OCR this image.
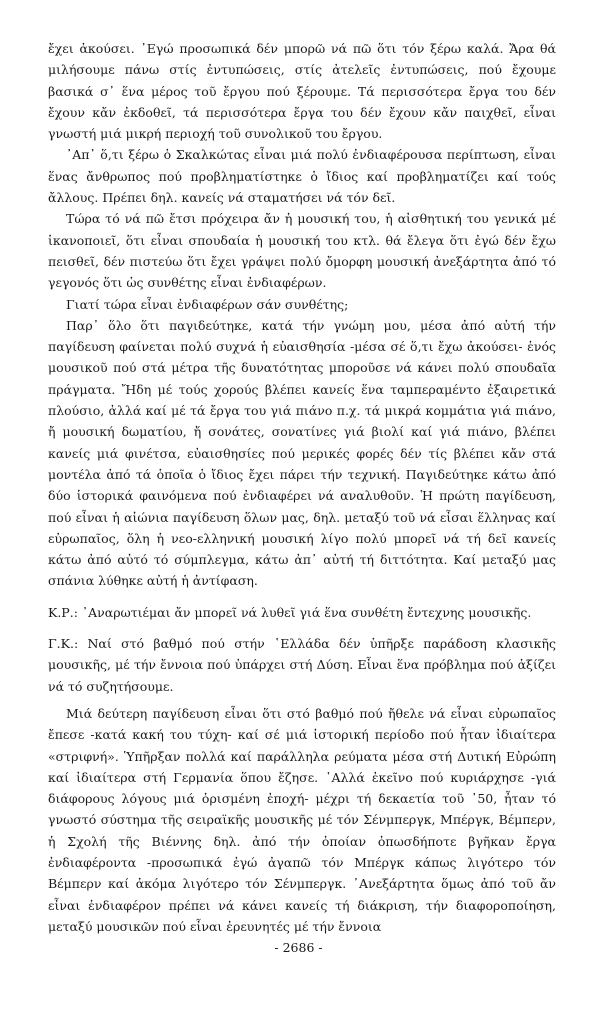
ἔχει ἀκούσει. ᾿Εγώ προσωπικά δέν μπορῶ νά πῶ ὅτι τόν ξέρω καλά. Ἄρα θά μιλήσουμε πάνω στίς ἐντυπώσεις, στίς ἀτελεῖς ἐντυπώσεις, πού ἔχουμε βασικά σ᾿ ἕνα μέρος τοῦ ἔργου πού ξέρουμε. Τά περισσότερα ἔργα του δέν ἔχουν κἄν ἐκδοθεῖ, τά περισσότερα ἔργα του δέν ἔχουν κἄν παιχθεῖ, εἶναι γνωστή μιά μικρή περιοχή τοῦ συνολικοῦ του ἔργου.

᾿Απ᾿ ὅ,τι ξέρω ὁ Σκαλκώτας εἶναι μιά πολύ ἐνδιαφέρουσα περίπτωση, εἶναι ἕνας ἄνθρωπος πού προβληματίστηκε ὁ ἴδιος καί προβληματίζει καί τούς ἄλλους. Πρέπει δηλ. κανείς νά σταματήσει νά τόν δεῖ.

Τώρα τό νά πῶ ἔτσι πρόχειρα ἄν ἡ μουσική του, ἡ αἰσθητική του γενικά μέ ἱκανοποιεῖ, ὅτι εἶναι σπουδαία ἡ μουσική του κτλ. θά ἔλεγα ὅτι ἐγώ δέν ἔχω πεισθεῖ, δέν πιστεύω ὅτι ἔχει γράψει πολύ ὄμορφη μουσική ἀνεξάρτητα ἀπό τό γεγονός ὅτι ὡς συνθέτης εἶναι ἐνδιαφέρων.

Γιατί τώρα εἶναι ἐνδιαφέρων σάν συνθέτης;

Παρ᾿ ὅλο ὅτι παγιδεύτηκε, κατά τήν γνώμη μου, μέσα ἀπό αὐτή τήν παγίδευση φαίνεται πολύ συχνά ἡ εὐαισθησία -μέσα σέ ὅ,τι ἔχω ἀκούσει- ἑνός μουσικοῦ πού στά μέτρα τῆς δυνατότητας μποροῦσε νά κάνει πολύ σπουδαῖα πράγματα. Ἤδη μέ τούς χορούς βλέπει κανείς ἕνα ταμπεραμέντο ἐξαιρετικά πλούσιο, ἀλλά καί μέ τά ἔργα του γιά πιάνο π.χ. τά μικρά κομμάτια γιά πιάνο, ἤ μουσική δωματίου, ἤ σονάτες, σονατίνες γιά βιολί καί γιά πιάνο, βλέπει κανείς μιά φινέτσα, εὐαισθησίες πού μερικές φορές δέν τίς βλέπει κἄν στά μοντέλα ἀπό τά ὁποῖα ὁ ἴδιος ἔχει πάρει τήν τεχνική. Παγιδεύτηκε κάτω ἀπό δύο ἱστορικά φαινόμενα πού ἐνδιαφέρει νά αναλυθοῦν. Ἡ πρώτη παγίδευση, πού εἶναι ἡ αἰώνια παγίδευση ὅλων μας, δηλ. μεταξύ τοῦ νά εἶσαι ἕλληνας καί εὐρωπαῖος, ὅλη ἡ νεο-ελληνική μουσική λίγο πολύ μπορεῖ νά τή δεῖ κανείς κάτω ἀπό αὐτό τό σύμπλεγμα, κάτω ἀπ᾿ αὐτή τή διττότητα. Καί μεταξύ μας σπάνια λύθηκε αὐτή ἡ ἀντίφαση.

Κ.Ρ.: ᾿Αναρωτιέμαι ἄν μπορεῖ νά λυθεῖ γιά ἕνα συνθέτη ἔντεχνης μουσικῆς.

Γ.Κ.: Ναί στό βαθμό πού στήν ῾Ελλάδα δέν ὑπῆρξε παράδοση κλασικῆς μουσικῆς, μέ τήν ἔννοια πού ὑπάρχει στή Δύση. Εἶναι ἕνα πρόβλημα πού ἀξίζει νά τό συζητήσουμε.

Μιά δεύτερη παγίδευση εἶναι ὅτι στό βαθμό πού ἤθελε νά εἶναι εὐρωπαῖος ἔπεσε -κατά κακή του τύχη- καί σέ μιά ἱστορική περίοδο πού ἦταν ἰδιαίτερα «στριφνή». Ὑπῆρξαν πολλά καί παράλληλα ρεύματα μέσα στή Δυτική Εὐρώπη καί ἰδιαίτερα στή Γερμανία ὅπου ἔζησε. ᾿Αλλά ἐκεῖνο πού κυριάρχησε -γιά διάφορους λόγους μιά ὁρισμένη ἐποχή- μέχρι τή δεκαετία τοῦ ᾿50, ἦταν τό γνωστό σύστημα τῆς σειραϊκῆς μουσικῆς μέ τόν Σένμπεργκ, Μπέργκ, Βέμπερν, ἡ Σχολή τῆς Βιέννης δηλ. ἀπό τήν ὁποίαν ὁπωσδήποτε βγῆκαν ἔργα ἐνδιαφέροντα -προσωπικά ἐγώ ἀγαπῶ τόν Μπέργκ κάπως λιγότερο τόν Βέμπερν καί ἀκόμα λιγότερο τόν Σένμπεργκ. ᾿Ανεξάρτητα ὅμως ἀπό τοῦ ἄν εἶναι ἐνδιαφέρον πρέπει νά κάνει κανείς τή διάκριση, τήν διαφοροποίηση, μεταξύ μουσικῶν πού εἶναι ἐρευνητές μέ τήν ἔννοια

- 2686 -
